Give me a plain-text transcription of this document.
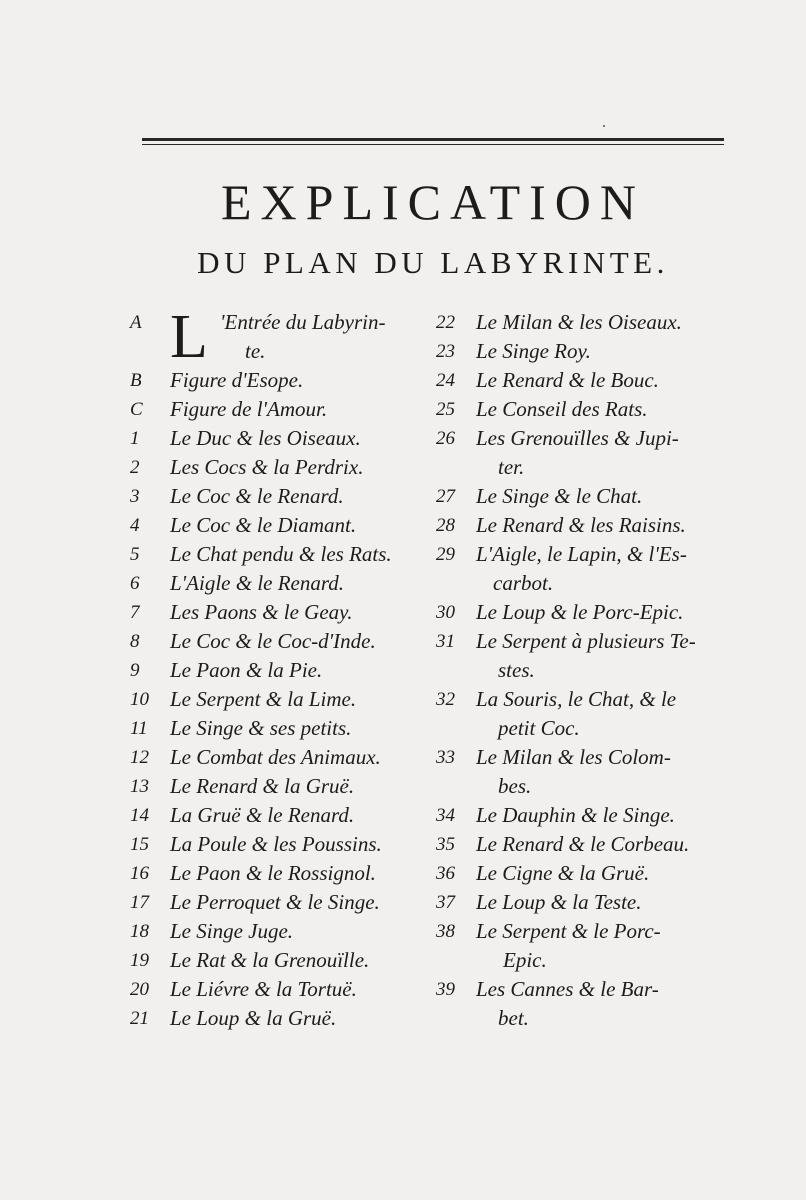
EXPLICATION
DU PLAN DU LABYRINTE.
A L 'Entrée du Labyrin-
te.
B	Figure d'Esope.
C	Figure de l'Amour.
1	Le Duc & les Oiseaux.
2	Les Cocs & la Perdrix.
3	Le Coc & le Renard.
4	Le Coc & le Diamant.
5	Le Chat pendu & les Rats.
6	L'Aigle & le Renard.
7	Les Paons & le Geay.
8	Le Coc & le Coc-d'Inde.
9	Le Paon & la Pie.
10	Le Serpent & la Lime.
11	Le Singe & ses petits.
12	Le Combat des Animaux.
13	Le Renard & la Gruë.
14	La Gruë & le Renard.
15	La Poule & les Poussins.
16	Le Paon & le Rossignol.
17	Le Perroquet & le Singe.
18	Le Singe Juge.
19	Le Rat & la Grenouïlle.
20	Le Liévre & la Tortuë.
21	Le Loup & la Gruë.
22	Le Milan & les Oiseaux.
23	Le Singe Roy.
24	Le Renard & le Bouc.
25	Le Conseil des Rats.
26	Les Grenouïlles & Jupi-
ter.
27	Le Singe & le Chat.
28	Le Renard & les Raisins.
29	L'Aigle, le Lapin, & l'Es-
carbot.
30	Le Loup & le Porc-Epic.
31	Le Serpent à plusieurs Te-
stes.
32	La Souris, le Chat, & le
petit Coc.
33	Le Milan & les Colom-
bes.
34	Le Dauphin & le Singe.
35	Le Renard & le Corbeau.
36	Le Cigne & la Gruë.
37	Le Loup & la Teste.
38	Le Serpent & le Porc-
Epic.
39	Les Cannes & le Bar-
bet.
